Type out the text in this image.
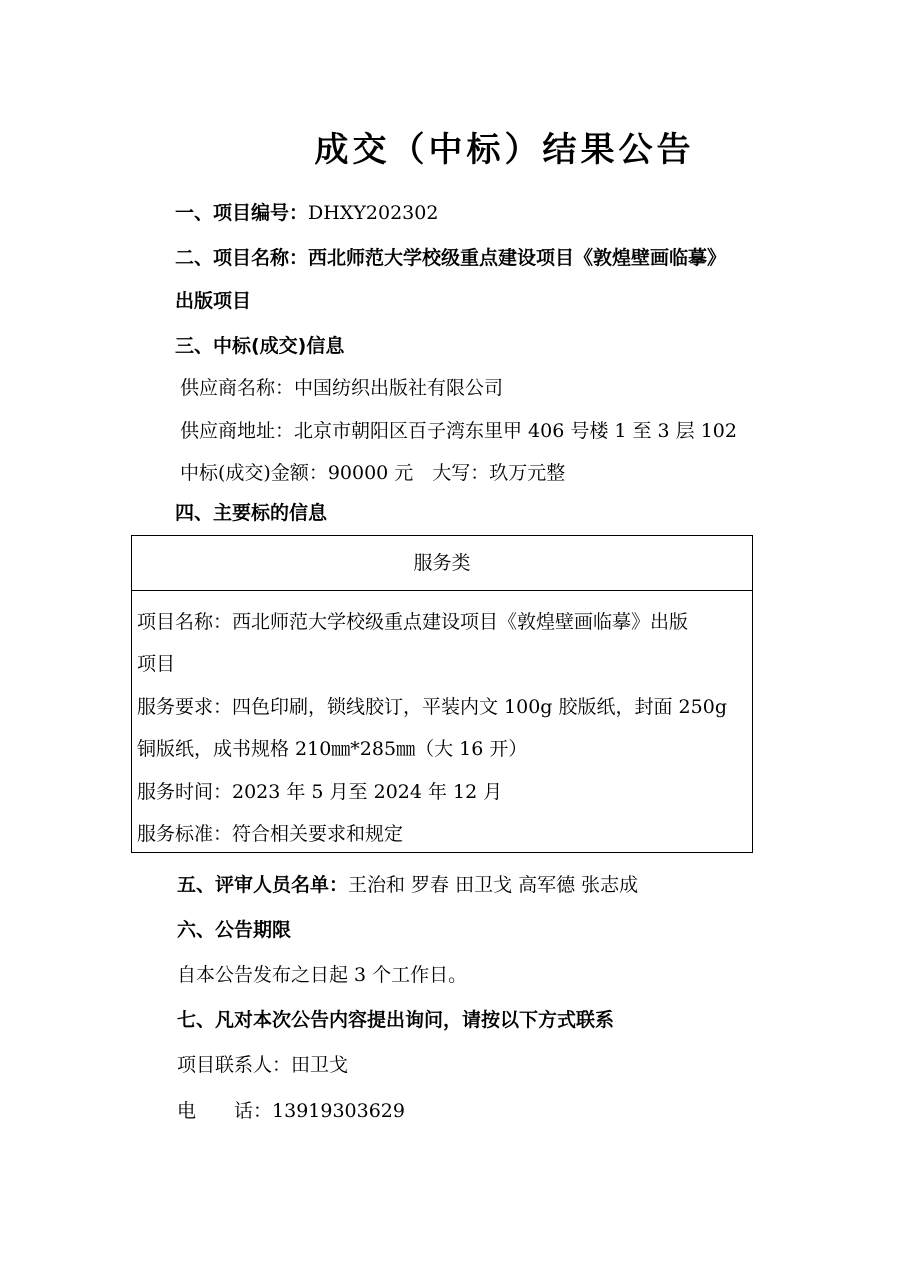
成交（中标）结果公告
一、项目编号：DHXY202302
二、项目名称：西北师范大学校级重点建设项目《敦煌壁画临摹》
出版项目
三、中标(成交)信息
供应商名称：中国纺织出版社有限公司
供应商地址：北京市朝阳区百子湾东里甲 406 号楼 1 至 3 层 102
中标(成交)金额：90000 元　大写：玖万元整
四、主要标的信息
服务类
项目名称：西北师范大学校级重点建设项目《敦煌壁画临摹》出版
项目
服务要求：四色印刷，锁线胶订，平装内文 100g 胶版纸，封面 250g
铜版纸，成书规格 210㎜*285㎜（大 16 开）
服务时间：2023 年 5 月至 2024 年 12 月
服务标准：符合相关要求和规定
五、评审人员名单：王治和 罗春 田卫戈 高军德 张志成
六、公告期限
自本公告发布之日起 3 个工作日。
七、凡对本次公告内容提出询问，请按以下方式联系
项目联系人：田卫戈
电　　话：13919303629
